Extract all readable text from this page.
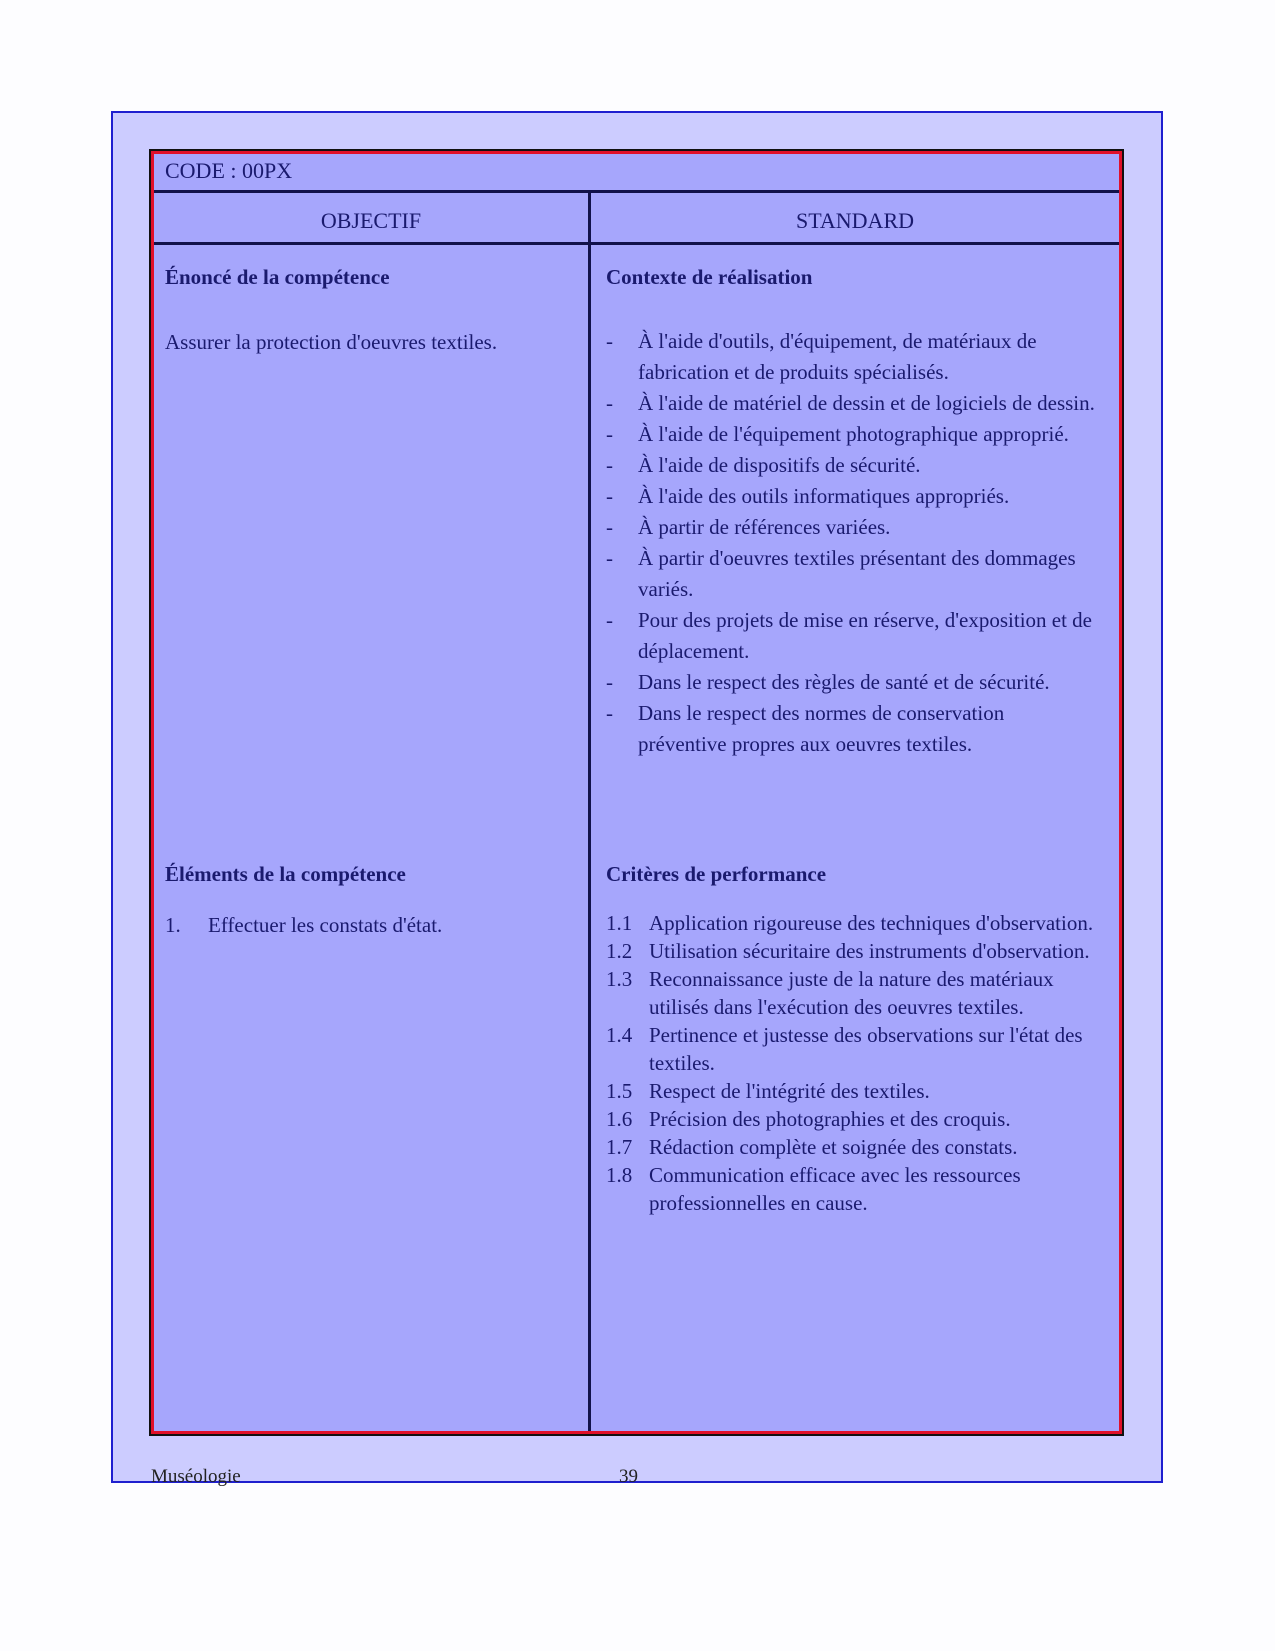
CODE : 00PX
OBJECTIF	STANDARD
Énoncé de la compétence
Assurer la protection d'oeuvres textiles.
Éléments de la compétence
1. Effectuer les constats d'état.
Contexte de réalisation
- À l'aide d'outils, d'équipement, de matériaux de fabrication et de produits spécialisés.
- À l'aide de matériel de dessin et de logiciels de dessin.
- À l'aide de l'équipement photographique approprié.
- À l'aide de dispositifs de sécurité.
- À l'aide des outils informatiques appropriés.
- À partir de références variées.
- À partir d'oeuvres textiles présentant des dommages variés.
- Pour des projets de mise en réserve, d'exposition et de déplacement.
- Dans le respect des règles de santé et de sécurité.
- Dans le respect des normes de conservation préventive propres aux oeuvres textiles.
Critères de performance
1.1 Application rigoureuse des techniques d'observation.
1.2 Utilisation sécuritaire des instruments d'observation.
1.3 Reconnaissance juste de la nature des matériaux utilisés dans l'exécution des oeuvres textiles.
1.4 Pertinence et justesse des observations sur l'état des textiles.
1.5 Respect de l'intégrité des textiles.
1.6 Précision des photographies et des croquis.
1.7 Rédaction complète et soignée des constats.
1.8 Communication efficace avec les ressources professionnelles en cause.
Muséologie	39
